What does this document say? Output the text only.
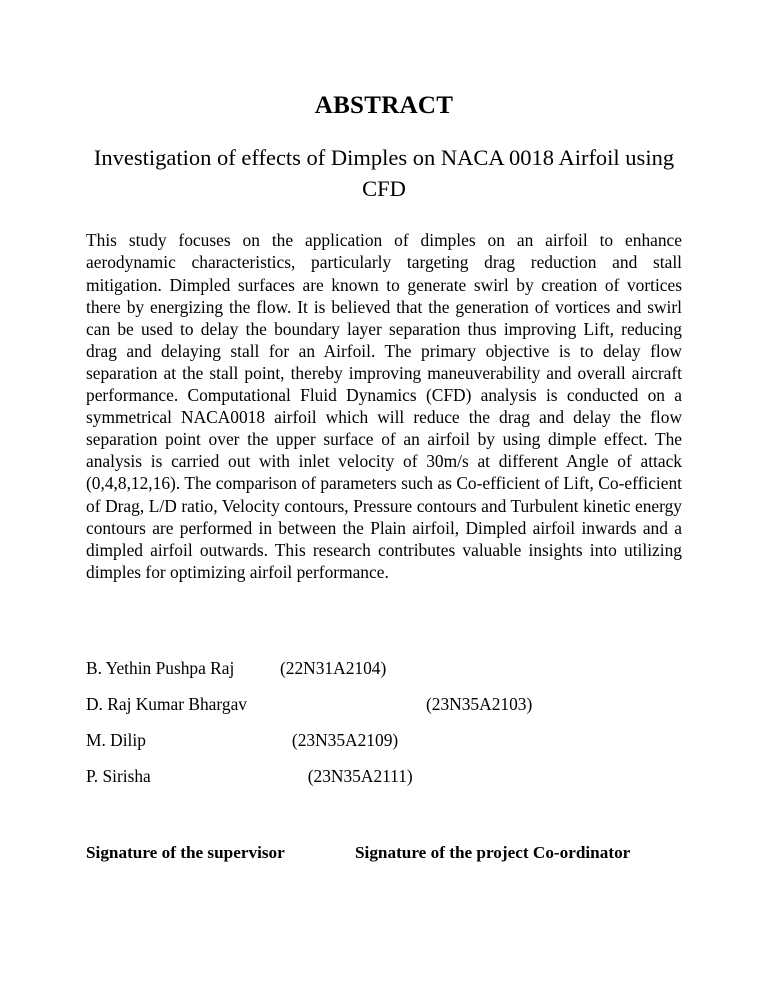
ABSTRACT
Investigation of effects of Dimples on NACA 0018 Airfoil using CFD

This study focuses on the application of dimples on an airfoil to enhance aerodynamic characteristics, particularly targeting drag reduction and stall mitigation. Dimpled surfaces are known to generate swirl by creation of vortices there by energizing the flow. It is believed that the generation of vortices and swirl can be used to delay the boundary layer separation thus improving Lift, reducing drag and delaying stall for an Airfoil. The primary objective is to delay flow separation at the stall point, thereby improving maneuverability and overall aircraft performance. Computational Fluid Dynamics (CFD) analysis is conducted on a symmetrical NACA0018 airfoil which will reduce the drag and delay the flow separation point over the upper surface of an airfoil by using dimple effect. The analysis is carried out with inlet velocity of 30m/s at different Angle of attack (0,4,8,12,16). The comparison of parameters such as Co-efficient of Lift, Co-efficient of Drag, L/D ratio, Velocity contours, Pressure contours and Turbulent kinetic energy contours are performed in between the Plain airfoil, Dimpled airfoil inwards and a dimpled airfoil outwards. This research contributes valuable insights into utilizing dimples for optimizing airfoil performance.

B. Yethin Pushpa Raj	(22N31A2104)
D. Raj Kumar Bhargav	(23N35A2103)
M. Dilip	(23N35A2109)
P. Sirisha	(23N35A2111)
Signature of the supervisor	Signature of the project Co-ordinator
